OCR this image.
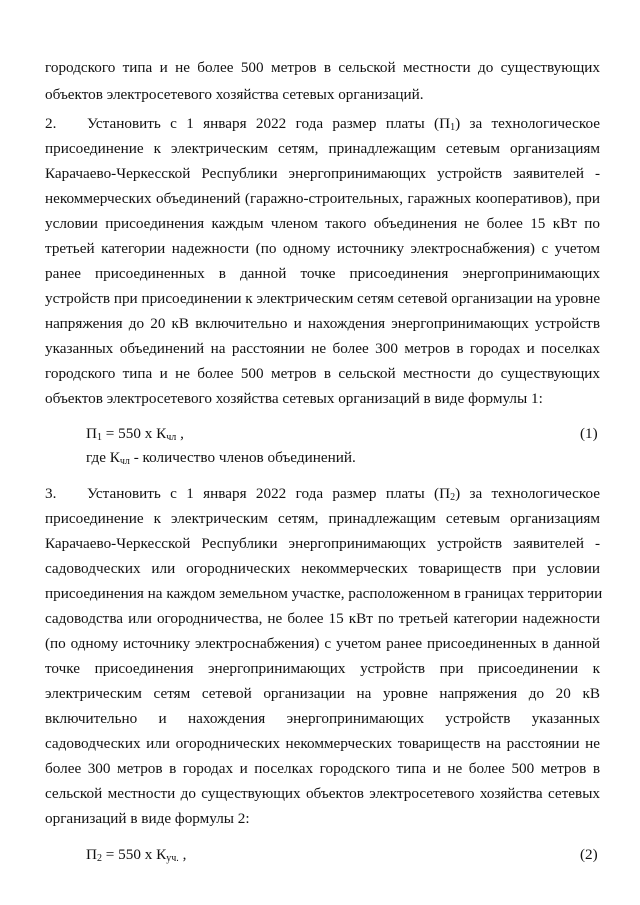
городского типа и не более 500 метров в сельской местности до существующих
объектов электросетевого хозяйства сетевых организаций.
2. Установить с 1 января 2022 года размер платы $(П_1)$ за технологическое
присоединение к электрическим сетям, принадлежащим сетевым организациям
Карачаево-Черкесской Республики энергопринимающих устройств заявителей -
некоммерческих объединений (гаражно-строительных, гаражных кооперативов), при
условии присоединения каждым членом такого объединения не более 15 кВт по
третьей категории надежности (по одному источнику электроснабжения) с учетом
ранее присоединенных в данной точке присоединения энергопринимающих
устройств при присоединении к электрическим сетям сетевой организации на уровне
напряжения до 20 кВ включительно и нахождения энергопринимающих устройств
указанных объединений на расстоянии не более 300 метров в городах и поселках
городского типа и не более 500 метров в сельской местности до существующих
объектов электросетевого хозяйства сетевых организаций в виде формулы 1:
$П_1 = 550$ х $К_{чл}$ ,	(1)
где $К_{чл}$ - количество членов объединений.
3. Установить с 1 января 2022 года размер платы $(П_2)$ за технологическое
присоединение к электрическим сетям, принадлежащим сетевым организациям
Карачаево-Черкесской Республики энергопринимающих устройств заявителей -
садоводческих или огороднических некоммерческих товариществ при условии
присоединения на каждом земельном участке, расположенном в границах территории
садоводства или огородничества, не более 15 кВт по третьей категории надежности
(по одному источнику электроснабжения) с учетом ранее присоединенных в данной
точке присоединения энергопринимающих устройств при присоединении к
электрическим сетям сетевой организации на уровне напряжения до 20 кВ
включительно и нахождения энергопринимающих устройств указанных
садоводческих или огороднических некоммерческих товариществ на расстоянии не
более 300 метров в городах и поселках городского типа и не более 500 метров в
сельской местности до существующих объектов электросетевого хозяйства сетевых
организаций в виде формулы 2:
$П_2 = 550$ х $К_{уч.}$ ,	(2)
